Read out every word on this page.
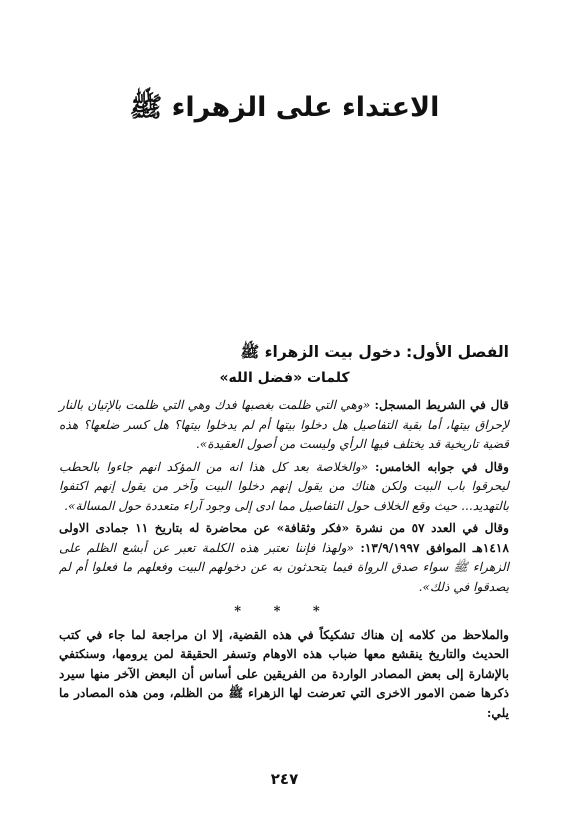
الاعتداء على الزهراء ﷺ
الفصل الأول: دخول بيت الزهراء ﷺ
كلمات «فضل الله»

قال في الشريط المسجل: «وهي التي ظلمت بغصبها فدك وهي التي ظلمت بالإتيان بالنار لإحراق بيتها، أما بقية التفاصيل هل دخلوا بيتها أم لم يدخلوا بيتها؟ هل كسر ضلعها؟ هذه قضية تاريخية قد يختلف فيها الرأي وليست من أصول العقيدة».

وقال في جوابه الخامس: «والخلاصة بعد كل هذا انه من المؤكد انهم جاءوا بالحطب ليحرقوا باب البيت ولكن هناك من يقول إنهم دخلوا البيت وآخر من يقول إنهم اكتفوا بالتهديد... حيث وقع الخلاف حول التفاصيل مما ادى إلى وجود آراء متعددة حول المسالة».

وقال في العدد ٥٧ من نشرة «فكر وثقافة» عن محاضرة له بتاريخ ١١ جمادى الاولى ١٤١٨هـ الموافق ١٣/٩/١٩٩٧: «ولهذا فإننا نعتبر هذه الكلمة تعبر عن أبشع الظلم على الزهراء ﷺ سواء صدق الرواة فيما يتحدثون به عن دخولهم البيت وفعلهم ما فعلوا أم لم يصدقوا في ذلك».

* * *

والملاحظ من كلامه إن هناك تشكيكاً في هذه القضية، إلا ان مراجعة لما جاء في كتب الحديث والتاريخ ينقشع معها ضباب هذه الاوهام وتسفر الحقيقة لمن يرومها، وسنكتفي بالإشارة إلى بعض المصادر الواردة من الفريقين على أساس أن البعض الآخر منها سيرد ذكرها ضمن الامور الاخرى التي تعرضت لها الزهراء ﷺ من الظلم، ومن هذه المصادر ما يلي:

٢٤٧
